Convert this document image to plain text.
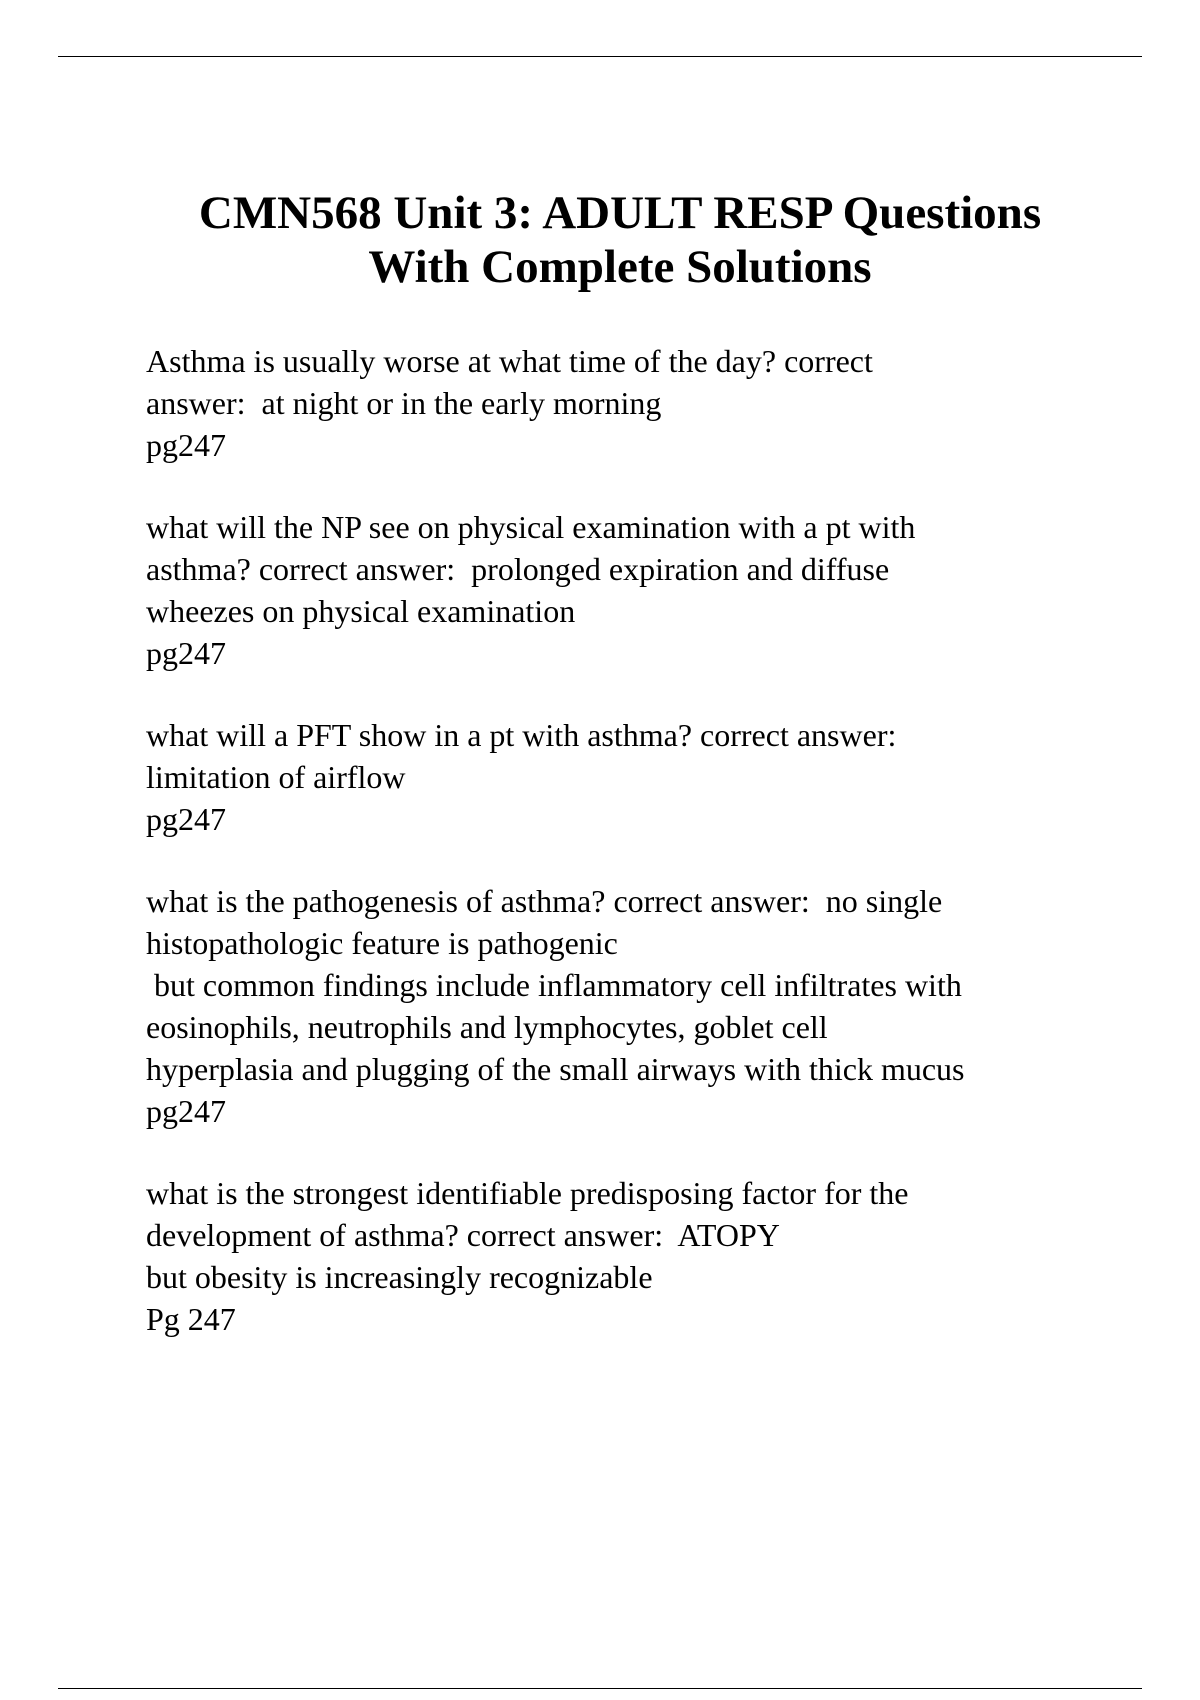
CMN568 Unit 3: ADULT RESP Questions
With Complete Solutions
Asthma is usually worse at what time of the day? correct
answer:  at night or in the early morning
pg247
what will the NP see on physical examination with a pt with
asthma? correct answer:  prolonged expiration and diffuse
wheezes on physical examination
pg247
what will a PFT show in a pt with asthma? correct answer:
limitation of airflow
pg247
what is the pathogenesis of asthma? correct answer:  no single
histopathologic feature is pathogenic
but common findings include inflammatory cell infiltrates with
eosinophils, neutrophils and lymphocytes, goblet cell
hyperplasia and plugging of the small airways with thick mucus
pg247
what is the strongest identifiable predisposing factor for the
development of asthma? correct answer:  ATOPY
but obesity is increasingly recognizable
Pg 247
